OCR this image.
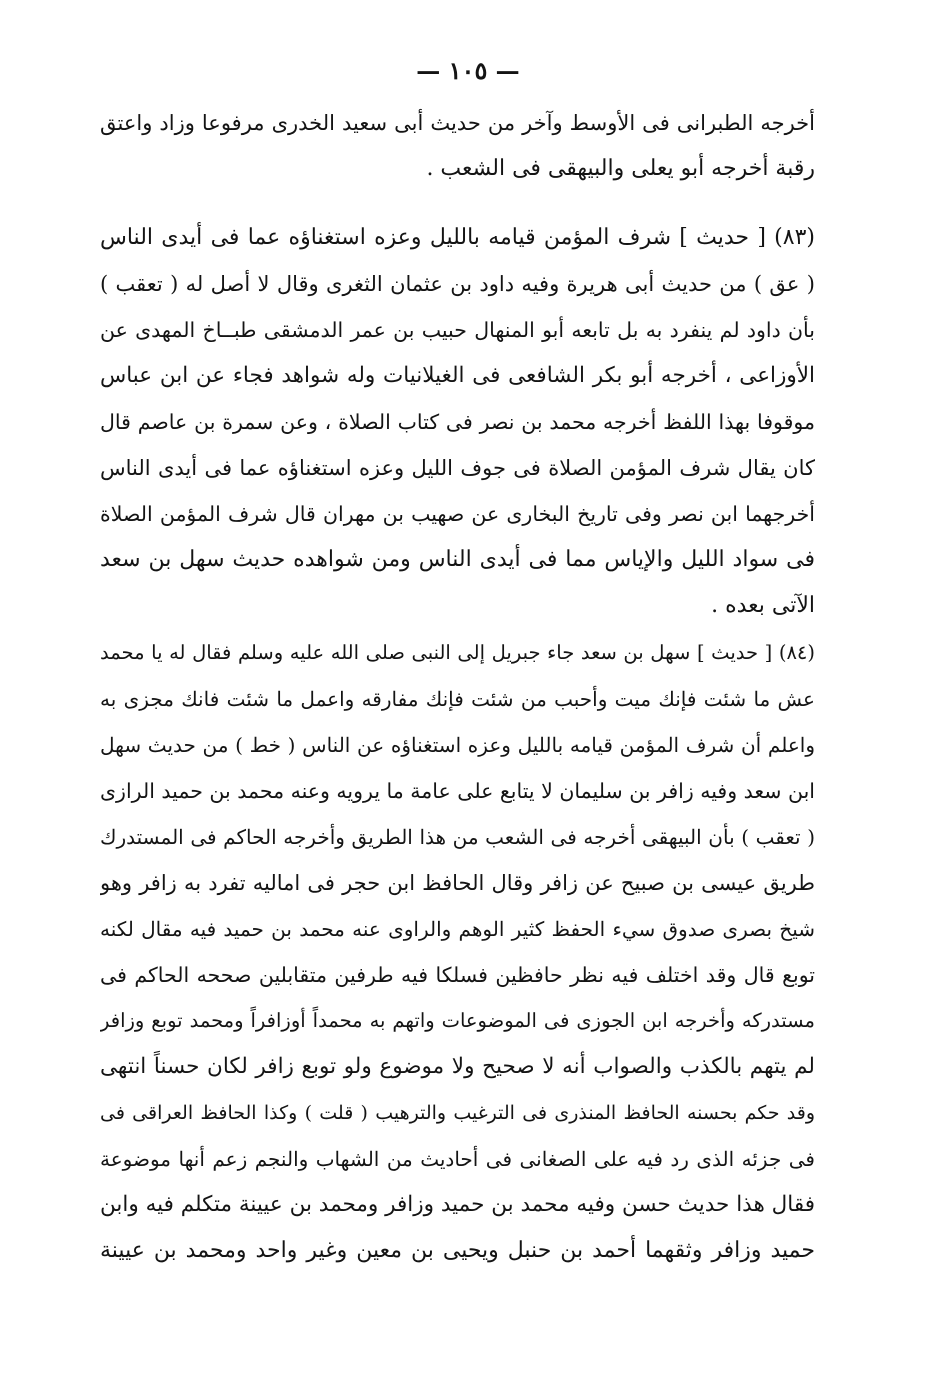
— ١٠٥ —
أخرجه الطبرانى فى الأوسط وآخر من حديث أبى سعيد الخدرى مرفوعا وزاد واعتق
رقبة أخرجه أبو يعلى والبيهقى فى الشعب .
(٨٣) [ حديث ] شرف المؤمن قيامه بالليل وعزه استغناؤه عما فى أيدى الناس
( عق ) من حديث أبى هريرة وفيه داود بن عثمان الثغرى وقال لا أصل له ( تعقب )
بأن داود لم ينفرد به بل تابعه أبو المنهال حبيب بن عمر الدمشقى طبــاخ المهدى عن
الأوزاعى ، أخرجه أبو بكر الشافعى فى الغيلانيات وله شواهد فجاء عن ابن عباس
موقوفا بهذا اللفظ أخرجه محمد بن نصر فى كتاب الصلاة ، وعن سمرة بن عاصم قال
كان يقال شرف المؤمن الصلاة فى جوف الليل وعزه استغناؤه عما فى أيدى الناس
أخرجهما ابن نصر وفى تاريخ البخارى عن صهيب بن مهران قال شرف المؤمن الصلاة
فى سواد الليل والإياس مما فى أيدى الناس ومن شواهده حديث سهل بن سعد
الآتى بعده .
(٨٤) [ حديث ] سهل بن سعد جاء جبريل إلى النبى صلى الله عليه وسلم فقال له يا محمد
عش ما شئت فإنك ميت وأحبب من شئت فإنك مفارقه واعمل ما شئت فانك مجزى به
واعلم أن شرف المؤمن قيامه بالليل وعزه استغناؤه عن الناس ( خط ) من حديث سهل
ابن سعد وفيه زافر بن سليمان لا يتابع على عامة ما يرويه وعنه محمد بن حميد الرازى
( تعقب ) بأن البيهقى أخرجه فى الشعب من هذا الطريق وأخرجه الحاكم فى المستدرك
طريق عيسى بن صبيح عن زافر وقال الحافظ ابن حجر فى اماليه تفرد به زافر وهو
شيخ بصرى صدوق سيء الحفظ كثير الوهم والراوى عنه محمد بن حميد فيه مقال لكنه
توبع قال وقد اختلف فيه نظر حافظين فسلكا فيه طرفين متقابلين صححه الحاكم فى
مستدركه وأخرجه ابن الجوزى فى الموضوعات واتهم به محمداً أوزافراً ومحمد توبع وزافر
لم يتهم بالكذب والصواب أنه لا صحيح ولا موضوع ولو توبع زافر لكان حسناً انتهى
وقد حكم بحسنه الحافظ المنذرى فى الترغيب والترهيب ( قلت ) وكذا الحافظ العراقى فى
فى جزئه الذى رد فيه على الصغانى فى أحاديث من الشهاب والنجم زعم أنها موضوعة
فقال هذا حديث حسن وفيه محمد بن حميد وزافر ومحمد بن عيينة متكلم فيه وابن
حميد وزافر وثقهما أحمد بن حنبل ويحيى بن معين وغير واحد ومحمد بن عيينة
